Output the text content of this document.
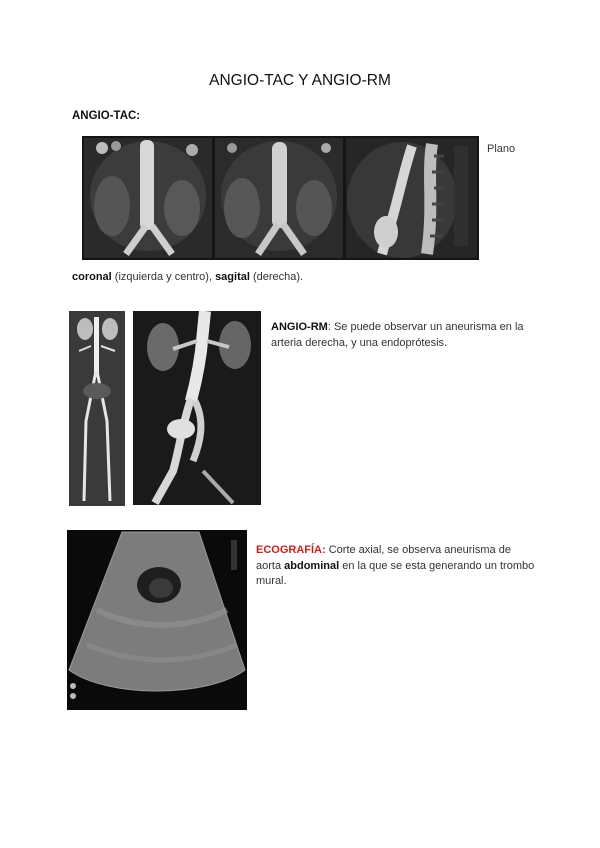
ANGIO-TAC Y ANGIO-RM
ANGIO-TAC:
Plano
coronal (izquierda y centro), sagital (derecha).
ANGIO-RM: Se puede observar un aneurisma en la arteria derecha, y una endoprótesis.
ECOGRAFÍA: Corte axial, se observa aneurisma de aorta abdominal en la que se esta generando un trombo mural.
